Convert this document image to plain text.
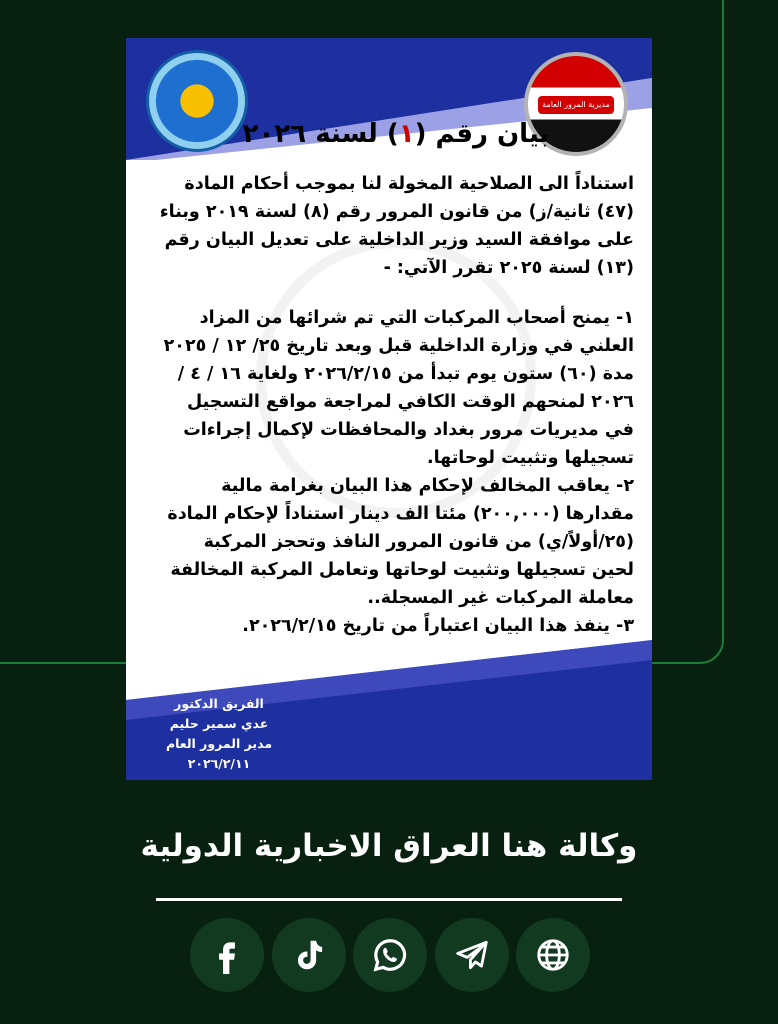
مديرية المرور العامة
بيان رقم (١) لسنة ٢٠٢٦

استناداً الى الصلاحية المخولة لنا بموجب أحكام المادة (٤٧) ثانية/ز) من قانون المرور رقم (٨) لسنة ٢٠١٩ وبناء على موافقة السيد وزير الداخلية على تعديل البيان رقم (١٣) لسنة ٢٠٢٥ تقرر الآتي: -

١- يمنح أصحاب المركبات التي تم شرائها من المزاد العلني في وزارة الداخلية قبل وبعد تاريخ ٢٥/ ١٢ / ٢٠٢٥ مدة (٦٠) ستون يوم تبدأ من ٢٠٢٦/٢/١٥ ولغاية ١٦ / ٤ / ٢٠٢٦ لمنحهم الوقت الكافي لمراجعة مواقع التسجيل في مديريات مرور بغداد والمحافظات لإكمال إجراءات تسجيلها وتثبيت لوحاتها.

٢- يعاقب المخالف لإحكام هذا البيان بغرامة مالية مقدارها (٢٠٠,٠٠٠) مئتا الف دينار استناداً لإحكام المادة (٢٥/أولاً/ي) من قانون المرور النافذ وتحجز المركبة لحين تسجيلها وتثبيت لوحاتها وتعامل المركبة المخالفة معاملة المركبات غير المسجلة..

٣- ينفذ هذا البيان اعتباراً من تاريخ ٢٠٢٦/٢/١٥.

الفريق الدكتور
عدي سمير حليم
مدير المرور العام
٢٠٢٦/٢/١١
وكالة هنا العراق الاخبارية الدولية
